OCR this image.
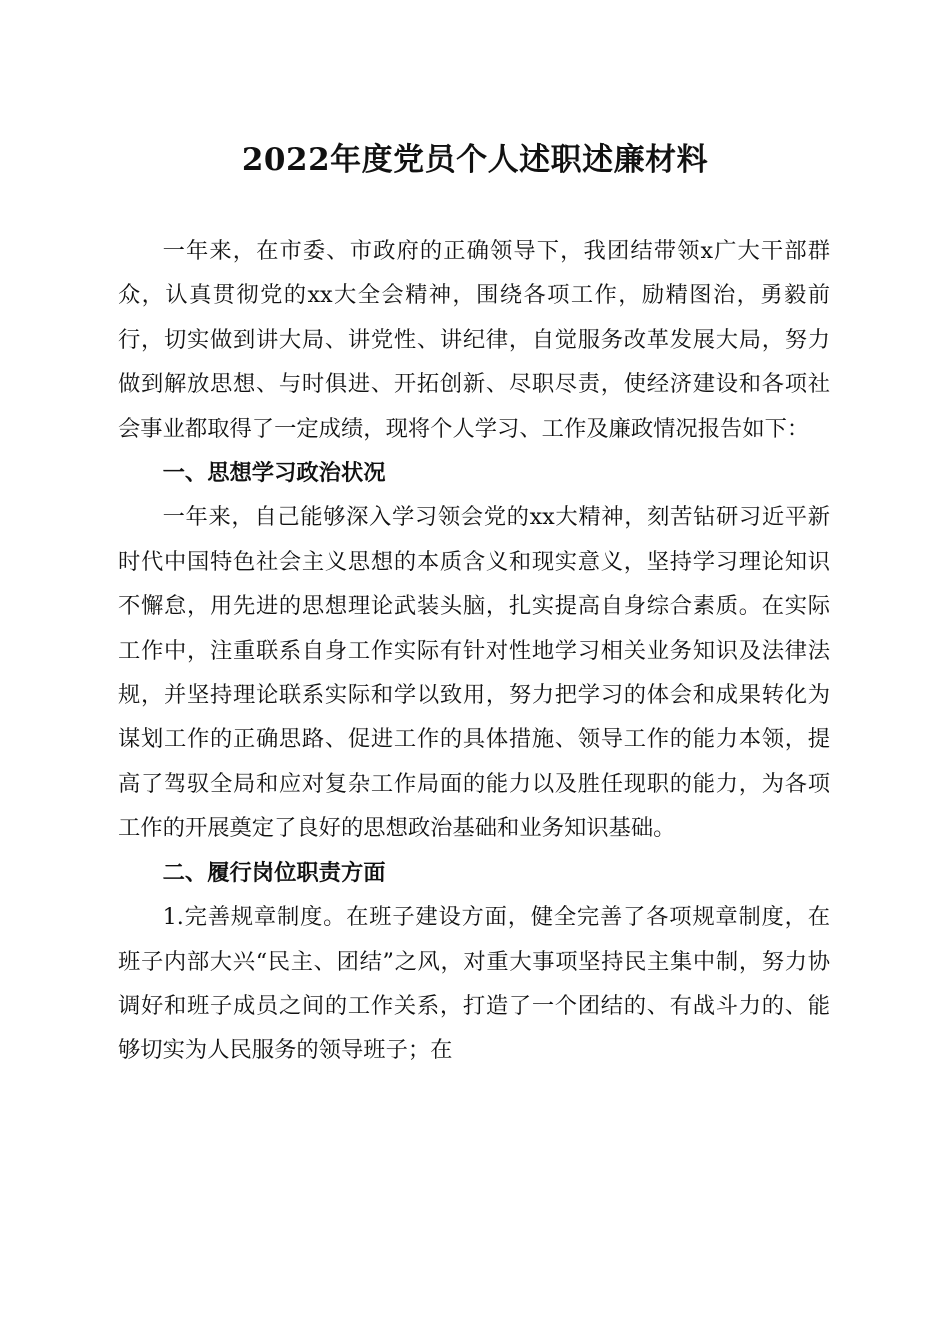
2022年度党员个人述职述廉材料

一年来，在市委、市政府的正确领导下，我团结带领x广大干部群众，认真贯彻党的xx大全会精神，围绕各项工作，励精图治，勇毅前行，切实做到讲大局、讲党性、讲纪律，自觉服务改革发展大局，努力做到解放思想、与时俱进、开拓创新、尽职尽责，使经济建设和各项社会事业都取得了一定成绩，现将个人学习、工作及廉政情况报告如下：

一、思想学习政治状况

一年来，自己能够深入学习领会党的xx大精神，刻苦钻研习近平新时代中国特色社会主义思想的本质含义和现实意义，坚持学习理论知识不懈怠，用先进的思想理论武装头脑，扎实提高自身综合素质。在实际工作中，注重联系自身工作实际有针对性地学习相关业务知识及法律法规，并坚持理论联系实际和学以致用，努力把学习的体会和成果转化为谋划工作的正确思路、促进工作的具体措施、领导工作的能力本领，提高了驾驭全局和应对复杂工作局面的能力以及胜任现职的能力，为各项工作的开展奠定了良好的思想政治基础和业务知识基础。

二、履行岗位职责方面

1.完善规章制度。在班子建设方面，健全完善了各项规章制度，在班子内部大兴“民主、团结”之风，对重大事项坚持民主集中制，努力协调好和班子成员之间的工作关系，打造了一个团结的、有战斗力的、能够切实为人民服务的领导班子；在
